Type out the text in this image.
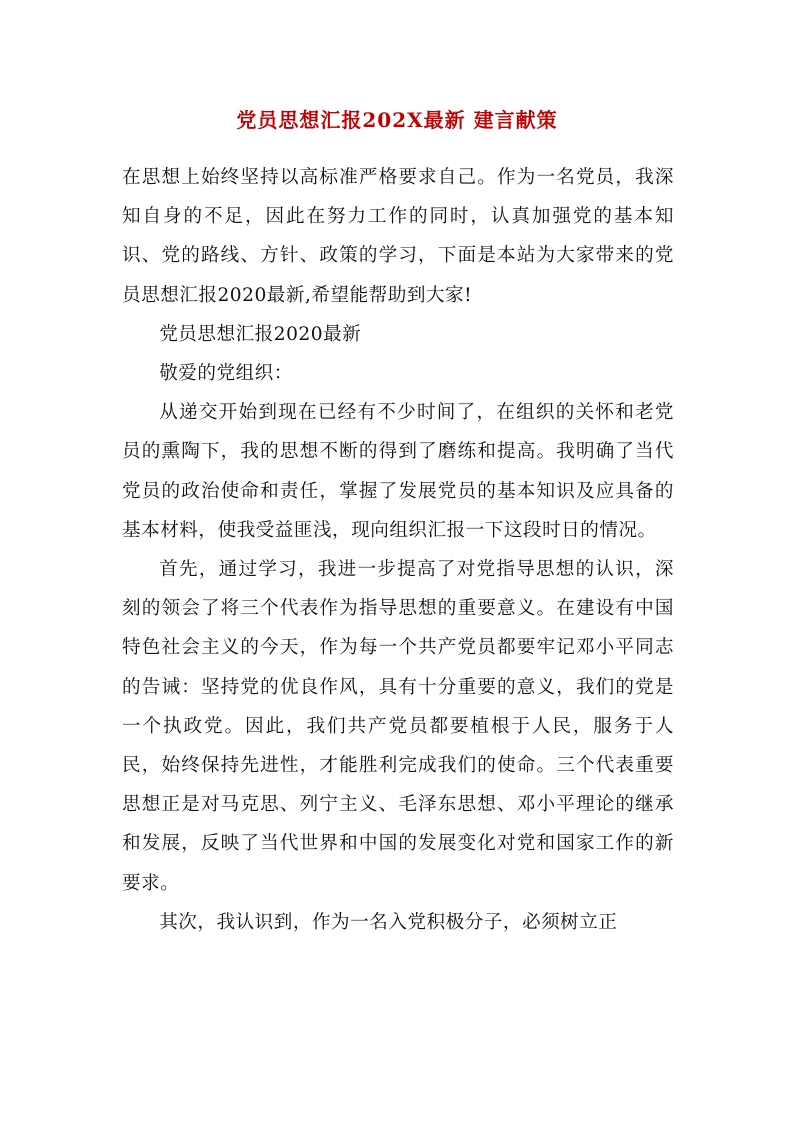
党员思想汇报202X最新 建言献策

在思想上始终坚持以高标准严格要求自己。作为一名党员，我深知自身的不足，因此在努力工作的同时，认真加强党的基本知识、党的路线、方针、政策的学习，下面是本站为大家带来的党员思想汇报2020最新,希望能帮助到大家!

党员思想汇报2020最新

敬爱的党组织：

从递交开始到现在已经有不少时间了，在组织的关怀和老党员的熏陶下，我的思想不断的得到了磨练和提高。我明确了当代党员的政治使命和责任，掌握了发展党员的基本知识及应具备的基本材料，使我受益匪浅，现向组织汇报一下这段时日的情况。

首先，通过学习，我进一步提高了对党指导思想的认识，深刻的领会了将三个代表作为指导思想的重要意义。在建设有中国特色社会主义的今天，作为每一个共产党员都要牢记邓小平同志的告诫：坚持党的优良作风，具有十分重要的意义，我们的党是一个执政党。因此，我们共产党员都要植根于人民，服务于人民，始终保持先进性，才能胜利完成我们的使命。三个代表重要思想正是对马克思、列宁主义、毛泽东思想、邓小平理论的继承和发展，反映了当代世界和中国的发展变化对党和国家工作的新要求。

其次，我认识到，作为一名入党积极分子，必须树立正
